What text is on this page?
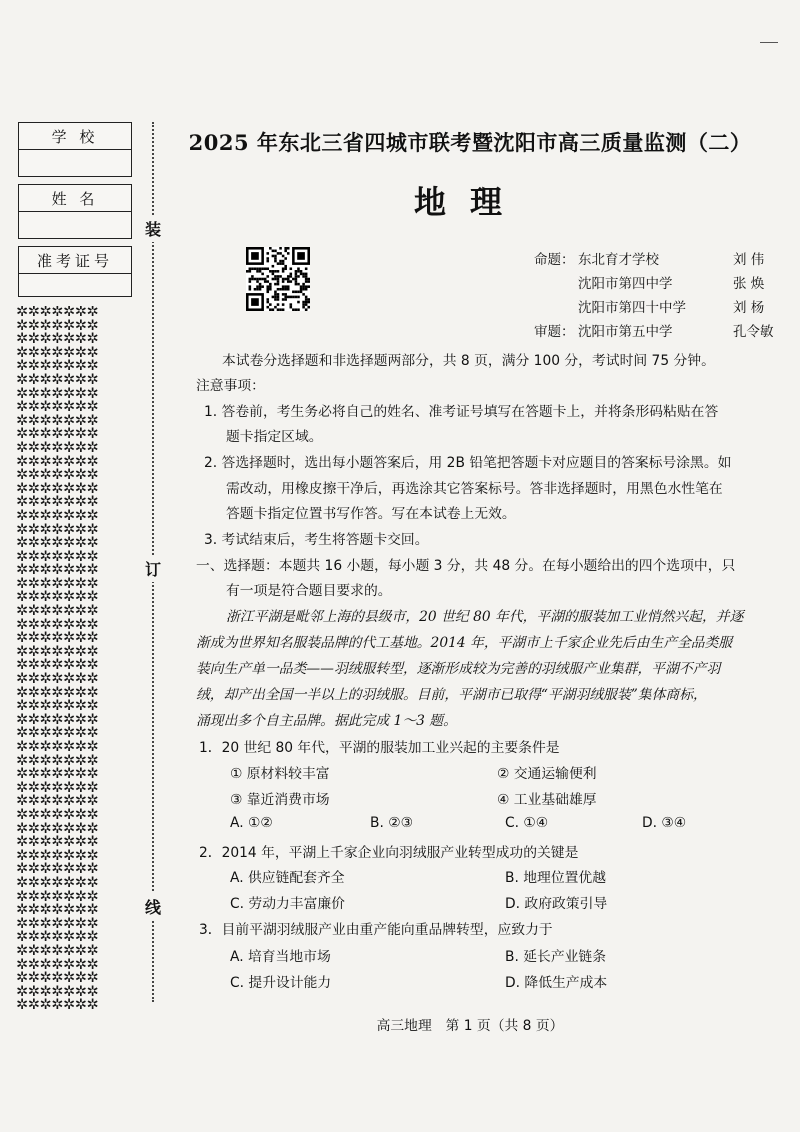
学 校
姓 名
准考证号
✲✲✲✲✲✲✲
✲✲✲✲✲✲✲
✲✲✲✲✲✲✲
✲✲✲✲✲✲✲
✲✲✲✲✲✲✲
✲✲✲✲✲✲✲
✲✲✲✲✲✲✲
✲✲✲✲✲✲✲
✲✲✲✲✲✲✲
✲✲✲✲✲✲✲
✲✲✲✲✲✲✲
✲✲✲✲✲✲✲
✲✲✲✲✲✲✲
✲✲✲✲✲✲✲
✲✲✲✲✲✲✲
✲✲✲✲✲✲✲
✲✲✲✲✲✲✲
✲✲✲✲✲✲✲
✲✲✲✲✲✲✲
✲✲✲✲✲✲✲
✲✲✲✲✲✲✲
✲✲✲✲✲✲✲
✲✲✲✲✲✲✲
✲✲✲✲✲✲✲
✲✲✲✲✲✲✲
✲✲✲✲✲✲✲
✲✲✲✲✲✲✲
✲✲✲✲✲✲✲
✲✲✲✲✲✲✲
✲✲✲✲✲✲✲
✲✲✲✲✲✲✲
✲✲✲✲✲✲✲
✲✲✲✲✲✲✲
✲✲✲✲✲✲✲
✲✲✲✲✲✲✲
✲✲✲✲✲✲✲
✲✲✲✲✲✲✲
✲✲✲✲✲✲✲
✲✲✲✲✲✲✲
✲✲✲✲✲✲✲
✲✲✲✲✲✲✲
✲✲✲✲✲✲✲
✲✲✲✲✲✲✲
✲✲✲✲✲✲✲
✲✲✲✲✲✲✲
✲✲✲✲✲✲✲
✲✲✲✲✲✲✲
✲✲✲✲✲✲✲
✲✲✲✲✲✲✲
✲✲✲✲✲✲✲
✲✲✲✲✲✲✲
✲✲✲✲✲✲✲
装
订
线
2025 年东北三省四城市联考暨沈阳市高三质量监测（二）
地理
命题： 东北育才学校	刘 伟
沈阳市第四中学	张 焕
沈阳市第四十中学	刘 杨
审题： 沈阳市第五中学	孔令敏
本试卷分选择题和非选择题两部分，共 8 页，满分 100 分，考试时间 75 分钟。
注意事项：
1. 答卷前，考生务必将自己的姓名、准考证号填写在答题卡上，并将条形码粘贴在答
题卡指定区域。
2. 答选择题时，选出每小题答案后，用 2B 铅笔把答题卡对应题目的答案标号涂黑。如
需改动，用橡皮擦干净后，再选涂其它答案标号。答非选择题时，用黑色水性笔在
答题卡指定位置书写作答。写在本试卷上无效。
3. 考试结束后，考生将答题卡交回。
一、选择题：本题共 16 小题，每小题 3 分，共 48 分。在每小题给出的四个选项中，只
有一项是符合题目要求的。
浙江平湖是毗邻上海的县级市，20 世纪 80 年代，平湖的服装加工业悄然兴起，并逐
渐成为世界知名服装品牌的代工基地。2014 年，平湖市上千家企业先后由生产全品类服
装向生产单一品类——羽绒服转型，逐渐形成较为完善的羽绒服产业集群，平湖不产羽
绒，却产出全国一半以上的羽绒服。目前，平湖市已取得“平湖羽绒服装”集体商标，
涌现出多个自主品牌。据此完成 1～3 题。
1．20 世纪 80 年代，平湖的服装加工业兴起的主要条件是
① 原材料较丰富	② 交通运输便利
③ 靠近消费市场	④ 工业基础雄厚
A. ①②	B. ②③	C. ①④	D. ③④
2．2014 年，平湖上千家企业向羽绒服产业转型成功的关键是
A. 供应链配套齐全	B. 地理位置优越
C. 劳动力丰富廉价	D. 政府政策引导
3．目前平湖羽绒服产业由重产能向重品牌转型，应致力于
A. 培育当地市场	B. 延长产业链条
C. 提升设计能力	D. 降低生产成本
高三地理　第 1 页（共 8 页）
